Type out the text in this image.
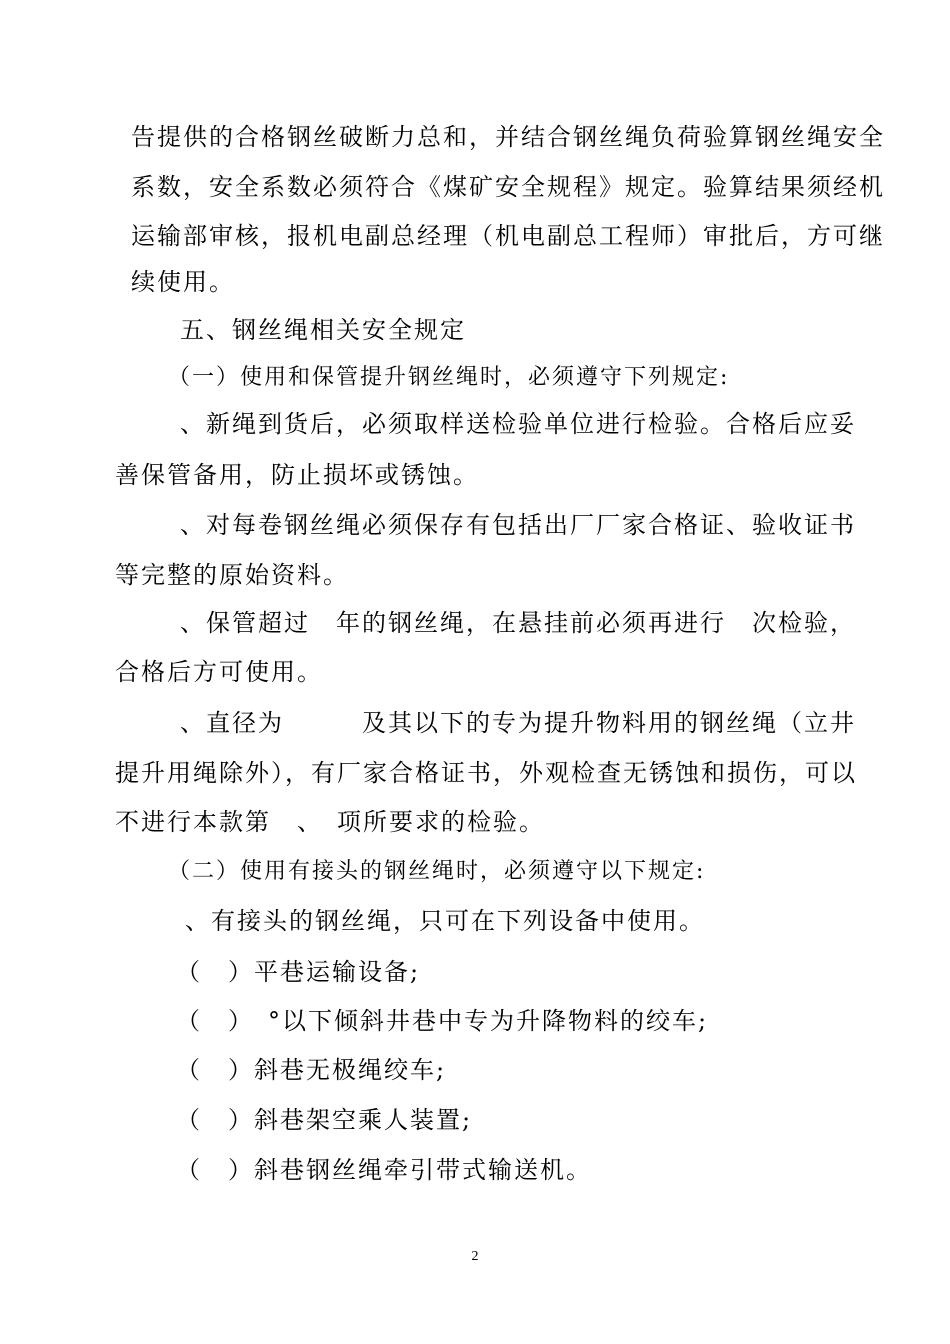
告提供的合格钢丝破断力总和，并结合钢丝绳负荷验算钢丝绳安全
系数，安全系数必须符合《煤矿安全规程》规定。验算结果须经机
运输部审核，报机电副总经理（机电副总工程师）审批后，方可继
续使用。
五、钢丝绳相关安全规定
（一）使用和保管提升钢丝绳时，必须遵守下列规定:
、新绳到货后，必须取样送检验单位进行检验。合格后应妥
善保管备用，防止损坏或锈蚀。
、对每卷钢丝绳必须保存有包括出厂厂家合格证、验收证书
等完整的原始资料。
、保管超过　年的钢丝绳，在悬挂前必须再进行　次检验，
合格后方可使用。
、直径为　　　及其以下的专为提升物料用的钢丝绳（立井
提升用绳除外），有厂家合格证书，外观检查无锈蚀和损伤，可以
不进行本款第　、　项所要求的检验。
（二）使用有接头的钢丝绳时，必须遵守以下规定:
、有接头的钢丝绳，只可在下列设备中使用。
（　）平巷运输设备;
（　）　°以下倾斜井巷中专为升降物料的绞车;
（　）斜巷无极绳绞车;
（　）斜巷架空乘人装置;
（　）斜巷钢丝绳牵引带式输送机。
2
